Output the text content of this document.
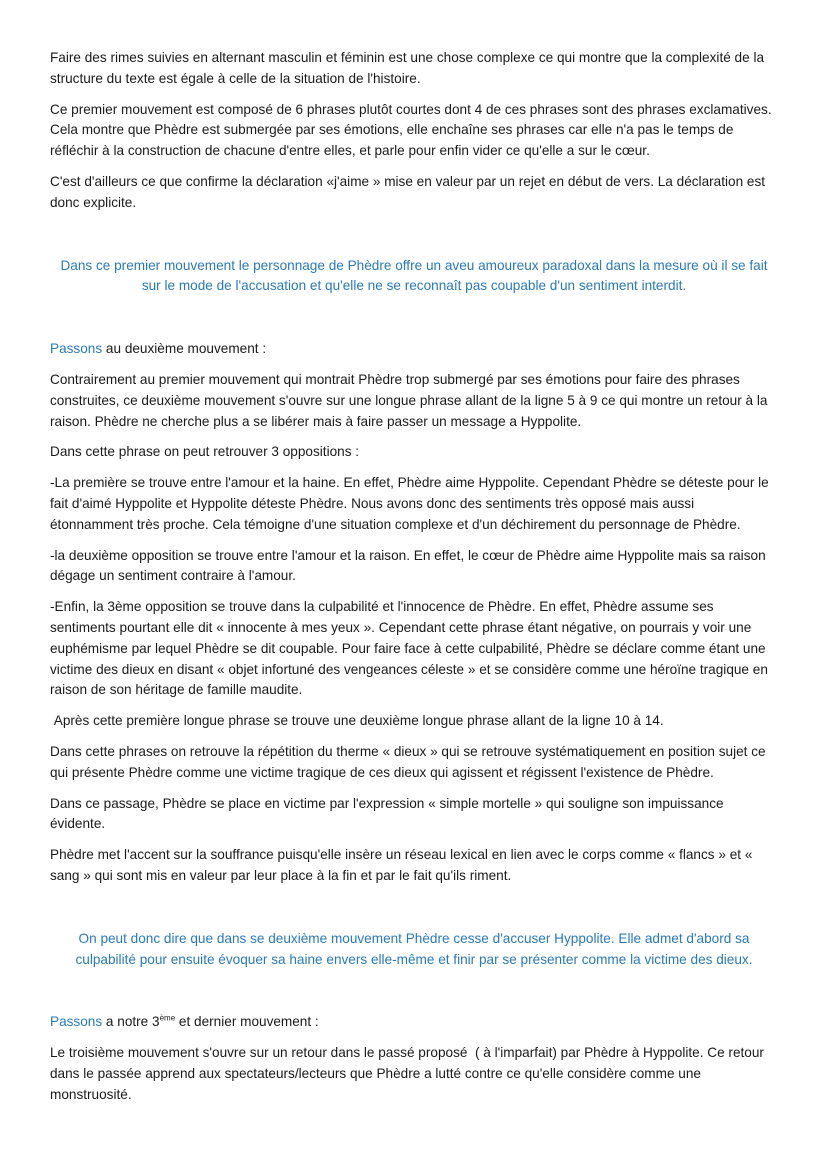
Faire des rimes suivies en alternant masculin et féminin est une chose complexe ce qui montre que la complexité de la structure du texte est égale à celle de la situation de l'histoire.

Ce premier mouvement est composé de 6 phrases plutôt courtes dont 4 de ces phrases sont des phrases exclamatives. Cela montre que Phèdre est submergée par ses émotions, elle enchaîne ses phrases car elle n'a pas le temps de réfléchir à la construction de chacune d'entre elles, et parle pour enfin vider ce qu'elle a sur le cœur.

C'est d'ailleurs ce que confirme la déclaration «j'aime » mise en valeur par un rejet en début de vers. La déclaration est donc explicite.

Dans ce premier mouvement le personnage de Phèdre offre un aveu amoureux paradoxal dans la mesure où il se fait sur le mode de l'accusation et qu'elle ne se reconnaît pas coupable d'un sentiment interdit.

Passons au deuxième mouvement :

Contrairement au premier mouvement qui montrait Phèdre trop submergé par ses émotions pour faire des phrases construites, ce deuxième mouvement s'ouvre sur une longue phrase allant de la ligne 5 à 9 ce qui montre un retour à la raison. Phèdre ne cherche plus a se libérer mais à faire passer un message a Hyppolite.

Dans cette phrase on peut retrouver 3 oppositions :

-La première se trouve entre l'amour et la haine. En effet, Phèdre aime Hyppolite. Cependant Phèdre se déteste pour le fait d'aimé Hyppolite et Hyppolite déteste Phèdre. Nous avons donc des sentiments très opposé mais aussi étonnamment très proche. Cela témoigne d'une situation complexe et d'un déchirement du personnage de Phèdre.

-la deuxième opposition se trouve entre l'amour et la raison. En effet, le cœur de Phèdre aime Hyppolite mais sa raison dégage un sentiment contraire à l'amour.

-Enfin, la 3ème opposition se trouve dans la culpabilité et l'innocence de Phèdre. En effet, Phèdre assume ses sentiments pourtant elle dit « innocente à mes yeux ». Cependant cette phrase étant négative, on pourrais y voir une euphémisme par lequel Phèdre se dit coupable. Pour faire face à cette culpabilité, Phèdre se déclare comme étant une victime des dieux en disant « objet infortuné des vengeances céleste » et se considère comme une héroïne tragique en raison de son héritage de famille maudite.

Après cette première longue phrase se trouve une deuxième longue phrase allant de la ligne 10 à 14.

Dans cette phrases on retrouve la répétition du therme « dieux » qui se retrouve systématiquement en position sujet ce qui présente Phèdre comme une victime tragique de ces dieux qui agissent et régissent l'existence de Phèdre.

Dans ce passage, Phèdre se place en victime par l'expression « simple mortelle » qui souligne son impuissance évidente.

Phèdre met l'accent sur la souffrance puisqu'elle insère un réseau lexical en lien avec le corps comme « flancs » et « sang » qui sont mis en valeur par leur place à la fin et par le fait qu'ils riment.

On peut donc dire que dans se deuxième mouvement Phèdre cesse d'accuser Hyppolite. Elle admet d'abord sa culpabilité pour ensuite évoquer sa haine envers elle-même et finir par se présenter comme la victime des dieux.

Passons a notre 3ème et dernier mouvement :

Le troisième mouvement s'ouvre sur un retour dans le passé proposé  ( à l'imparfait) par Phèdre à Hyppolite. Ce retour dans le passée apprend aux spectateurs/lecteurs que Phèdre a lutté contre ce qu'elle considère comme une monstruosité.
